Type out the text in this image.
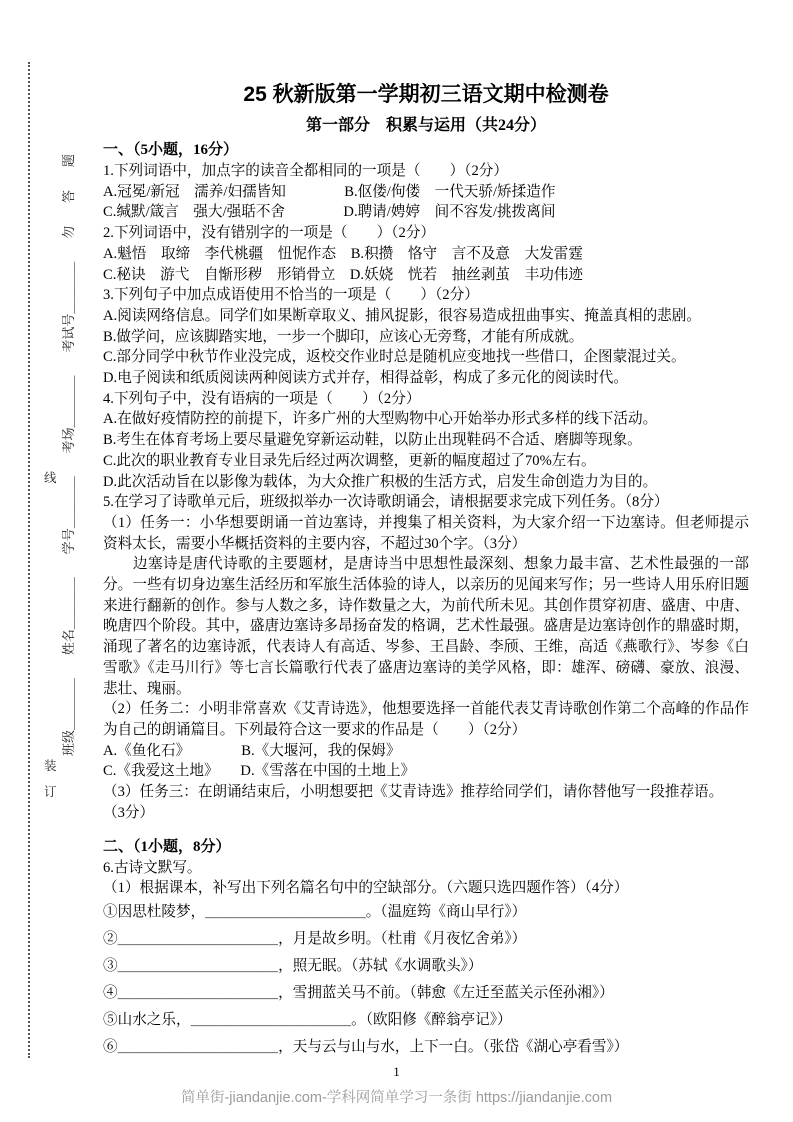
装
订
线
班级＿＿＿＿
姓名＿＿＿＿
学号＿＿＿＿
考场＿＿＿＿
考试号＿＿＿＿
勿
答
题
25 秋新版第一学期初三语文期中检测卷
第一部分　积累与运用（共24分）
一、（5小题，16分）

1.下列词语中，加点字的读音全都相同的一项是（　　）（2分）

A.冠冕/新冠　濡养/妇孺皆知　　　　B.伛偻/佝偻　一代天骄/矫揉造作

C.缄默/箴言　强大/强聒不舍　　　　D.聘请/娉婷　间不容发/挑拨离间

2.下列词语中，没有错别字的一项是（　　）（2分）

A.魁悟　取缔　李代桃疆　忸怩作态　B.积攒　恪守　言不及意　大发雷霆

C.秘诀　游弋　自惭形秽　形销骨立　D.妖娆　恍若　抽丝剥茧　丰功伟迹

3.下列句子中加点成语使用不恰当的一项是（　　）（2分）

A.阅读网络信息。同学们如果断章取义、捕风捉影，很容易造成扭曲事实、掩盖真相的悲剧。

B.做学问，应该脚踏实地，一步一个脚印，应该心无旁骛，才能有所成就。

C.部分同学中秋节作业没完成，返校交作业时总是随机应变地找一些借口，企图蒙混过关。

D.电子阅读和纸质阅读两种阅读方式并存，相得益彰，构成了多元化的阅读时代。

4.下列句子中，没有语病的一项是（　　）（2分）

A.在做好疫情防控的前提下，许多广州的大型购物中心开始举办形式多样的线下活动。

B.考生在体育考场上要尽量避免穿新运动鞋，以防止出现鞋码不合适、磨脚等现象。

C.此次的职业教育专业目录先后经过两次调整，更新的幅度超过了70%左右。

D.此次活动旨在以影像为载体，为大众推广积极的生活方式，启发生命创造力为目的。

5.在学习了诗歌单元后，班级拟举办一次诗歌朗诵会，请根据要求完成下列任务。（8分）

（1）任务一：小华想要朗诵一首边塞诗，并搜集了相关资料，为大家介绍一下边塞诗。但老师提示资料太长，需要小华概括资料的主要内容，不超过30个字。（3分）

边塞诗是唐代诗歌的主要题材，是唐诗当中思想性最深刻、想象力最丰富、艺术性最强的一部分。一些有切身边塞生活经历和军旅生活体验的诗人，以亲历的见闻来写作；另一些诗人用乐府旧题来进行翻新的创作。参与人数之多，诗作数量之大，为前代所未见。其创作贯穿初唐、盛唐、中唐、晚唐四个阶段。其中，盛唐边塞诗多昂扬奋发的格调，艺术性最强。盛唐是边塞诗创作的鼎盛时期，涌现了著名的边塞诗派，代表诗人有高适、岑参、王昌龄、李颀、王维，高适《燕歌行》、岑参《白雪歌》《走马川行》等七言长篇歌行代表了盛唐边塞诗的美学风格，即：雄浑、磅礴、豪放、浪漫、悲壮、瑰丽。

（2）任务二：小明非常喜欢《艾青诗选》，他想要选择一首能代表艾青诗歌创作第二个高峰的作品作为自己的朗诵篇目。下列最符合这一要求的作品是（　　）（2分）

A.《鱼化石》　　　　B.《大堰河，我的保姆》

C.《我爱这土地》　　D.《雪落在中国的土地上》

（3）任务三：在朗诵结束后，小明想要把《艾青诗选》推荐给同学们，请你替他写一段推荐语。

（3分）

二、（1小题，8分）

6.古诗文默写。

（1）根据课本，补写出下列名篇名句中的空缺部分。（六题只选四题作答）（4分）

①因思杜陵梦，＿＿＿＿＿＿＿＿＿＿＿。（温庭筠《商山早行》）

②＿＿＿＿＿＿＿＿＿＿＿，月是故乡明。（杜甫《月夜忆舍弟》）

③＿＿＿＿＿＿＿＿＿＿＿，照无眠。（苏轼《水调歌头》）

④＿＿＿＿＿＿＿＿＿＿＿，雪拥蓝关马不前。（韩愈《左迁至蓝关示侄孙湘》）

⑤山水之乐，＿＿＿＿＿＿＿＿＿＿＿。（欧阳修《醉翁亭记》）

⑥＿＿＿＿＿＿＿＿＿＿＿，天与云与山与水，上下一白。（张岱《湖心亭看雪》）

1
简单街-jiandanjie.com-学科网简单学习一条街 https://jiandanjie.com
